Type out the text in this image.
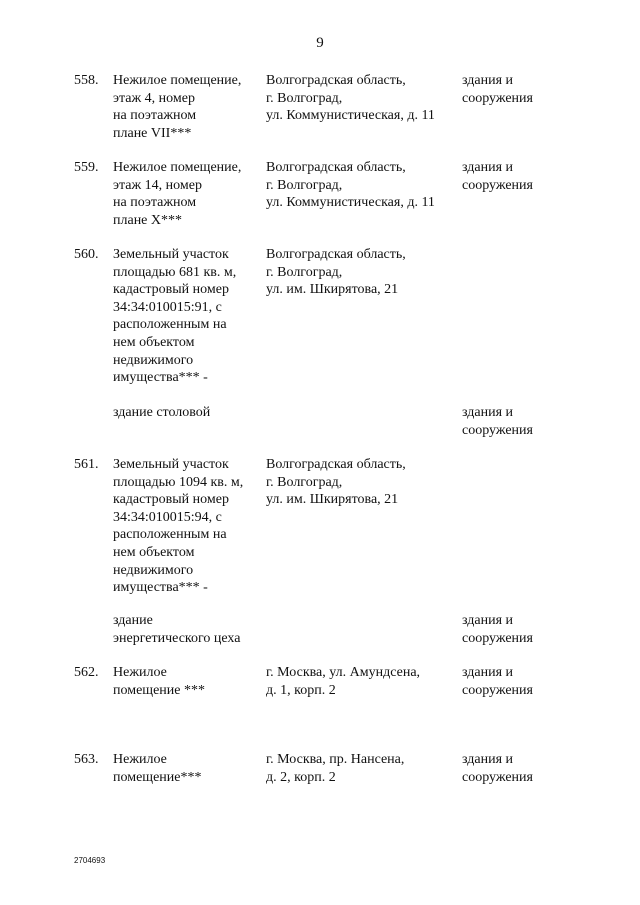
9
558. Нежилое помещение,
этаж 4, номер
на поэтажном
плане VII***
Волгоградская область,
г. Волгоград,
ул. Коммунистическая, д. 11
здания и
сооружения
559. Нежилое помещение,
этаж 14, номер
на поэтажном
плане X***
Волгоградская область,
г. Волгоград,
ул. Коммунистическая, д. 11
здания и
сооружения
560. Земельный участок
площадью 681 кв. м,
кадастровый номер
34:34:010015:91, с
расположенным на
нем объектом
недвижимого
имущества*** -
Волгоградская область,
г. Волгоград,
ул. им. Шкирятова, 21
здание столовой	здания и
сооружения
561. Земельный участок
площадью 1094 кв. м,
кадастровый номер
34:34:010015:94, с
расположенным на
нем объектом
недвижимого
имущества*** -
Волгоградская область,
г. Волгоград,
ул. им. Шкирятова, 21
здание
энергетического цеха
здания и
сооружения
562. Нежилое
помещение ***
г. Москва, ул. Амундсена,
д. 1, корп. 2
здания и
сооружения
563. Нежилое
помещение***
г. Москва, пр. Нансена,
д. 2, корп. 2
здания и
сооружения
2704693
